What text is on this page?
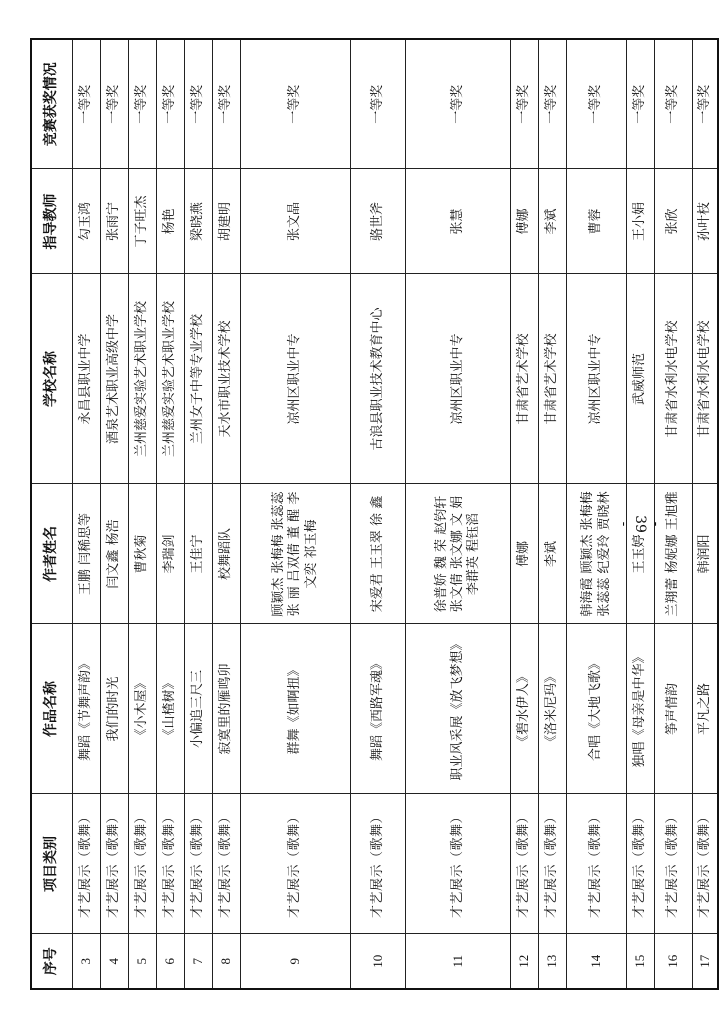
- 39 -
序号	项目类别	作品名称	作者姓名	学校名称	指导教师	竞赛获奖情况
3	才艺展示（歌舞）	舞蹈《节舞声韵》	王鹏 闫稀思等	永昌县职业中学	勾玉鸿	一等奖
4	才艺展示（歌舞）	我们的时光	闫文鑫 杨浩	酒泉艺术职业高级中学	张雨宁	一等奖
5	才艺展示（歌舞）	《小木屋》	曹秋菊	兰州慈爱实验艺术职业学校	丁子旺杰	一等奖
6	才艺展示（歌舞）	《山楂树》	李瑞剑	兰州慈爱实验艺术职业学校	杨艳	一等奖
7	才艺展示（歌舞）	小偏追三尺三	王佳宁	兰州女子中等专业学校	梁晓燕	一等奖
8	才艺展示（歌舞）	寂寞里的雁鸣卯	校舞蹈队	天水市职业技术学校	胡建明	一等奖
9	才艺展示（歌舞）	群舞《如啊扭》	顾颖杰 张梅梅 张蕊蕊 张 丽 吕双倩 董 醒 李文奕 祁玉梅	凉州区职业中专	张文晶	一等奖
10	才艺展示（歌舞）	舞蹈《西路军魂》	宋爱君 王玉翠 徐 鑫	古浪县职业技术教育中心	骆世斧	一等奖
11	才艺展示（歌舞）	职业风采展《放飞梦想》	徐普娇 魏 荣 赵钧轩 张文倩 张文娜 文 娟 李群英 程钰滔	凉州区职业中专	张慧	一等奖
12	才艺展示（歌舞）	《碧水伊人》	傅娜	甘肃省艺术学校	傅娜	一等奖
13	才艺展示（歌舞）	《洛米尼玛》	李斌	甘肃省艺术学校	李斌	一等奖
14	才艺展示（歌舞）	合唱《大地飞歌》	韩海霞 顾颖杰 张梅梅 张蕊蕊 纪爱玲 贾晓林	凉州区职业中专	曹蓉	一等奖
15	才艺展示（歌舞）	独唱《母亲是中华》	王玉婷	武威师范	王小娟	一等奖
16	才艺展示（歌舞）	筝声情韵	兰翔蕾 杨妮娜 王旭雅	甘肃省水利水电学校	张欣	一等奖
17	才艺展示（歌舞）	平凡之路	韩润阳	甘肃省水利水电学校	孙叶枝	一等奖
